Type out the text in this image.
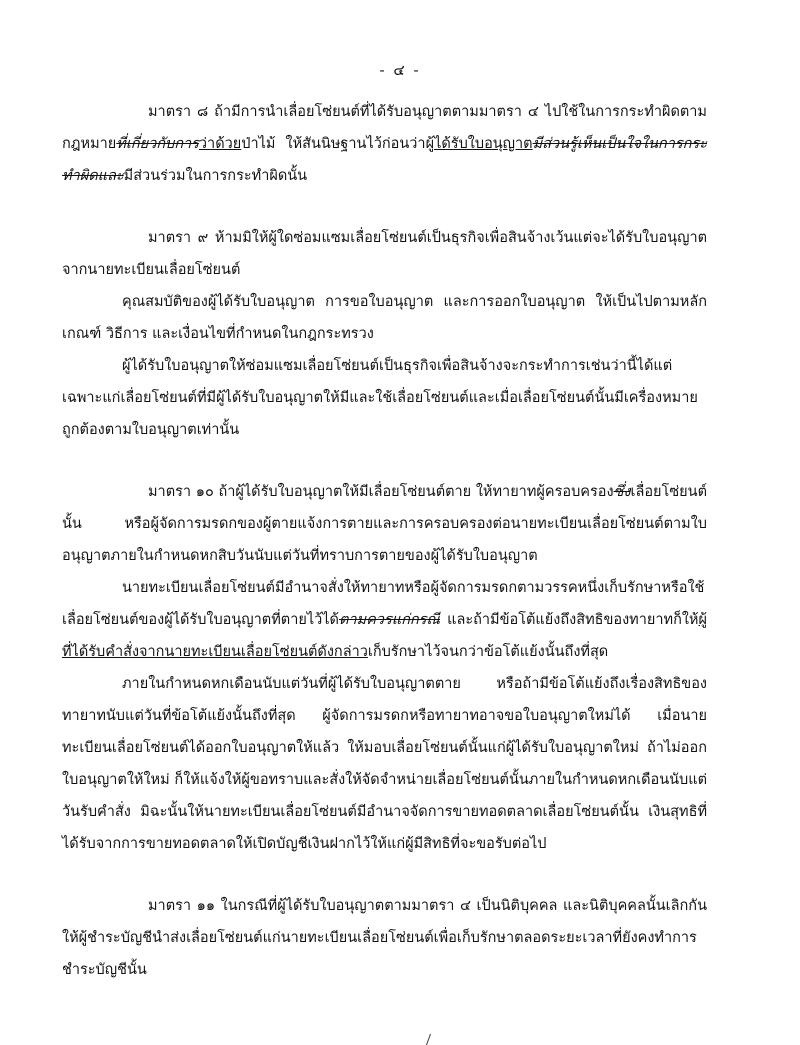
- ๔ -

มาตรา ๘ ถ้ามีการนำเลื่อยโซ่ยนต์ที่ได้รับอนุญาตตามมาตรา ๔ ไปใช้ในการกระทำผิดตามกฎหมายที่เกี่ยวกับการว่าด้วยป่าไม้ ให้สันนิษฐานไว้ก่อนว่าผู้ได้รับใบอนุญาตมีส่วนรู้เห็นเป็นใจในการกระทำผิดและมีส่วนร่วมในการกระทำผิดนั้น

มาตรา ๙ ห้ามมิให้ผู้ใดซ่อมแซมเลื่อยโซ่ยนต์เป็นธุรกิจเพื่อสินจ้างเว้นแต่จะได้รับใบอนุญาตจากนายทะเบียนเลื่อยโซ่ยนต์

คุณสมบัติของผู้ได้รับใบอนุญาต การขอใบอนุญาต และการออกใบอนุญาต ให้เป็นไปตามหลักเกณฑ์ วิธีการ และเงื่อนไขที่กำหนดในกฎกระทรวง

ผู้ได้รับใบอนุญาตให้ซ่อมแซมเลื่อยโซ่ยนต์เป็นธุรกิจเพื่อสินจ้างจะกระทำการเช่นว่านี้ได้แต่เฉพาะแก่เลื่อยโซ่ยนต์ที่มีผู้ได้รับใบอนุญาตให้มีและใช้เลื่อยโซ่ยนต์และเมื่อเลื่อยโซ่ยนต์นั้นมีเครื่องหมายถูกต้องตามใบอนุญาตเท่านั้น

มาตรา ๑๐ ถ้าผู้ได้รับใบอนุญาตให้มีเลื่อยโซ่ยนต์ตาย ให้ทายาทผู้ครอบครองซึ่งเลื่อยโซ่ยนต์นั้น หรือผู้จัดการมรดกของผู้ตายแจ้งการตายและการครอบครองต่อนายทะเบียนเลื่อยโซ่ยนต์ตามใบอนุญาตภายในกำหนดหกสิบวันนับแต่วันที่ทราบการตายของผู้ได้รับใบอนุญาต

นายทะเบียนเลื่อยโซ่ยนต์มีอำนาจสั่งให้ทายาทหรือผู้จัดการมรดกตามวรรคหนึ่งเก็บรักษาหรือใช้เลื่อยโซ่ยนต์ของผู้ได้รับใบอนุญาตที่ตายไว้ได้ตามควรแก่กรณี และถ้ามีข้อโต้แย้งถึงสิทธิของทายาทก็ให้ผู้ที่ได้รับคำสั่งจากนายทะเบียนเลื่อยโซ่ยนต์ดังกล่าวเก็บรักษาไว้จนกว่าข้อโต้แย้งนั้นถึงที่สุด

ภายในกำหนดหกเดือนนับแต่วันที่ผู้ได้รับใบอนุญาตตาย หรือถ้ามีข้อโต้แย้งถึงเรื่องสิทธิของทายาทนับแต่วันที่ข้อโต้แย้งนั้นถึงที่สุด ผู้จัดการมรดกหรือทายาทอาจขอใบอนุญาตใหม่ได้ เมื่อนายทะเบียนเลื่อยโซ่ยนต์ได้ออกใบอนุญาตให้แล้ว ให้มอบเลื่อยโซ่ยนต์นั้นแก่ผู้ได้รับใบอนุญาตใหม่ ถ้าไม่ออกใบอนุญาตให้ใหม่ ก็ให้แจ้งให้ผู้ขอทราบและสั่งให้จัดจำหน่ายเลื่อยโซ่ยนต์นั้นภายในกำหนดหกเดือนนับแต่วันรับคำสั่ง มิฉะนั้นให้นายทะเบียนเลื่อยโซ่ยนต์มีอำนาจจัดการขายทอดตลาดเลื่อยโซ่ยนต์นั้น เงินสุทธิที่ได้รับจากการขายทอดตลาดให้เปิดบัญชีเงินฝากไว้ให้แก่ผู้มีสิทธิที่จะขอรับต่อไป

มาตรา ๑๑ ในกรณีที่ผู้ได้รับใบอนุญาตตามมาตรา ๔ เป็นนิติบุคคล และนิติบุคคลนั้นเลิกกันให้ผู้ชำระบัญชีนำส่งเลื่อยโซ่ยนต์แก่นายทะเบียนเลื่อยโซ่ยนต์เพื่อเก็บรักษาตลอดระยะเวลาที่ยังคงทำการชำระบัญชีนั้น
